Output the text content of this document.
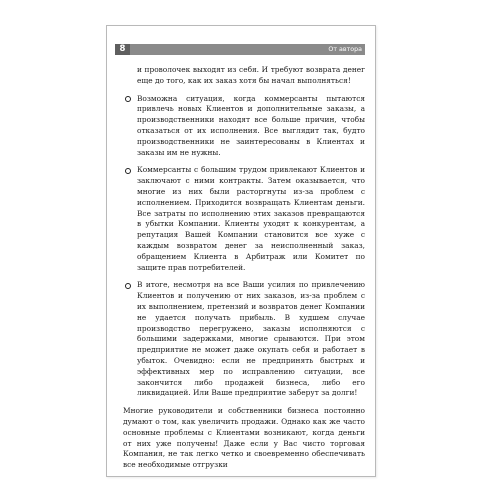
8	От автора

и проволочек выходят из себя. И требуют возврата денег еще до того, как их заказ хотя бы начал выполняться!

Возможна ситуация, когда коммерсанты пытаются привлечь новых Клиентов и дополнительные заказы, а производственники находят все больше причин, чтобы отказаться от их исполнения. Все выглядит так, будто производственники не заинтересованы в Клиентах и заказы им не нужны.

Коммерсанты с большим трудом привлекают Клиентов и заключают с ними контракты. Затем оказывается, что многие из них были расторгнуты из-за проблем с исполнением. Приходится возвращать Клиентам деньги. Все затраты по исполнению этих заказов превращаются в убытки Компании. Клиенты уходят к конкурентам, а репутация Вашей Компании становится все хуже с каждым возвратом денег за неисполненный заказ, обращением Клиента в Арбитраж или Комитет по защите прав потребителей.

В итоге, несмотря на все Ваши усилия по привлечению Клиентов и получению от них заказов, из-за проблем с их выполнением, претензий и возвратов денег Компании не удается получать прибыль. В худшем случае производство перегружено, заказы исполняются с большими задержками, многие срываются. При этом предприятие не может даже окупать себя и работает в убыток. Очевидно: если не предпринять быстрых и эффективных мер по исправлению ситуации, все закончится либо продажей бизнеса, либо его ликвидацией. Или Ваше предприятие заберут за долги!

Многие руководители и собственники бизнеса постоянно думают о том, как увеличить продажи. Однако как же часто основные проблемы с Клиентами возникают, когда деньги от них уже получены! Даже если у Вас чисто торговая Компания, не так легко четко и своевременно обеспечивать все необходимые отгрузки
